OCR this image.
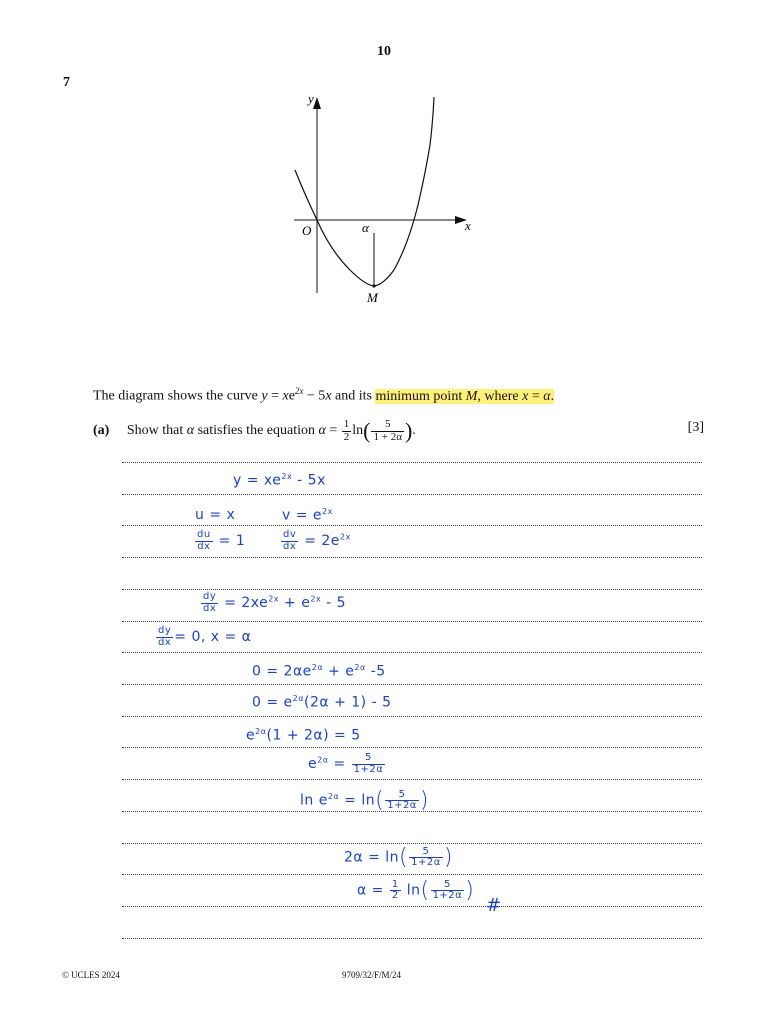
10
7
y
x
O	α
M
The diagram shows the curve $y = xe^{2x} - 5x$ and its minimum point M, where x = α.
(a) Show that α satisfies the equation $\alpha = \frac{1}{2} \ln( \frac{5}{1 + 2\alpha}$ ).	[3]
$y = xe^{2x} - 5x$
u = x	$v = e^{2x}$
$\frac{du}{dx} = 1$	$\frac{dv}{dx} = 2e^{2x}$
$\frac{dy}{dx} = 2xe^{2x} + e^{2x} - 5$
$\frac{dy}{dx} = 0$, x = α
$0 = 2\alpha e^{2\alpha} + e^{2\alpha}$ -5
$0 = e^{2\alpha}(2\alpha + 1) - 5$
$e^{2\alpha}(1 + 2\alpha) = 5$
$e^{2\alpha} = \frac{5}{1+2\alpha}$
$\ln e^{2\alpha} = \ln( \frac{5}{1+2\alpha}$ )
$2\alpha = \ln( \frac{5}{1+2\alpha}$ )
$\alpha = \frac{1}{2} \ln( \frac{5}{1+2\alpha}$ )
#
© UCLES 2024	9709/32/F/M/24
